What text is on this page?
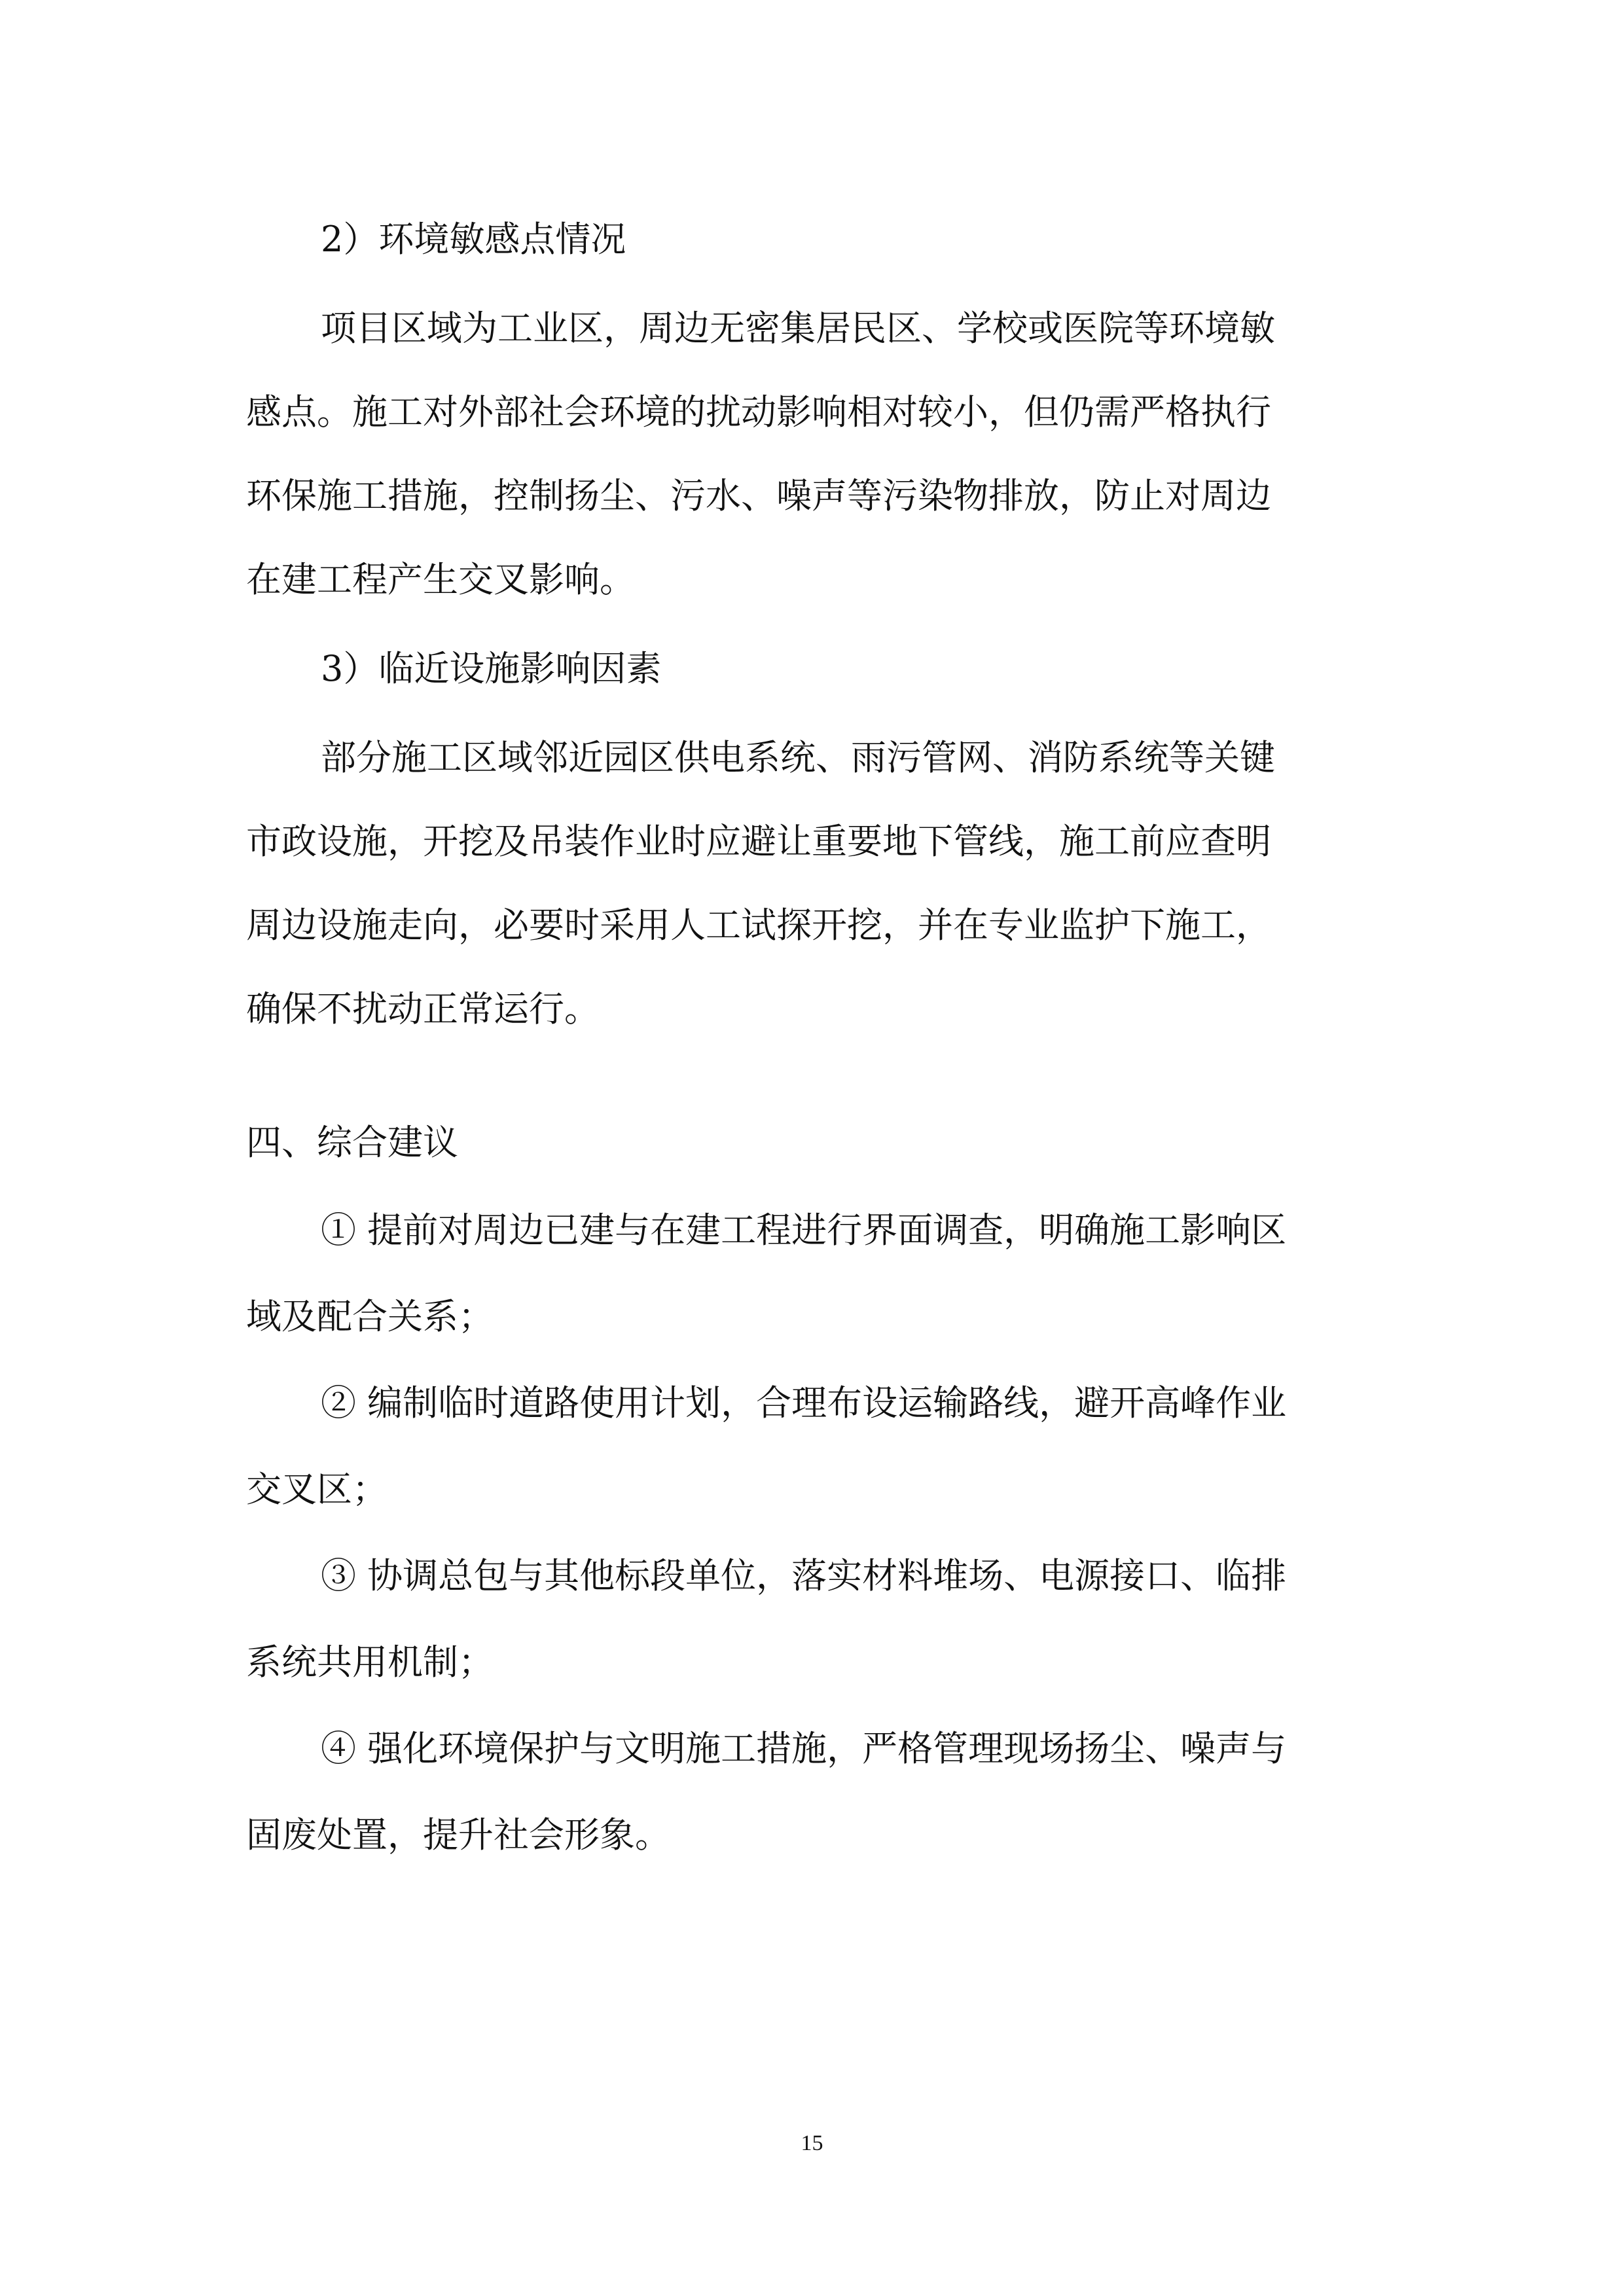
2）环境敏感点情况
项目区域为工业区，周边无密集居民区、学校或医院等环境敏
感点。施工对外部社会环境的扰动影响相对较小，但仍需严格执行
环保施工措施，控制扬尘、污水、噪声等污染物排放，防止对周边
在建工程产生交叉影响。
3）临近设施影响因素
部分施工区域邻近园区供电系统、雨污管网、消防系统等关键
市政设施，开挖及吊装作业时应避让重要地下管线，施工前应查明
周边设施走向，必要时采用人工试探开挖，并在专业监护下施工，
确保不扰动正常运行。
四、综合建议
① 提前对周边已建与在建工程进行界面调查，明确施工影响区
域及配合关系；
② 编制临时道路使用计划，合理布设运输路线，避开高峰作业
交叉区；
③ 协调总包与其他标段单位，落实材料堆场、电源接口、临排
系统共用机制；
④ 强化环境保护与文明施工措施，严格管理现场扬尘、噪声与
固废处置，提升社会形象。
15
